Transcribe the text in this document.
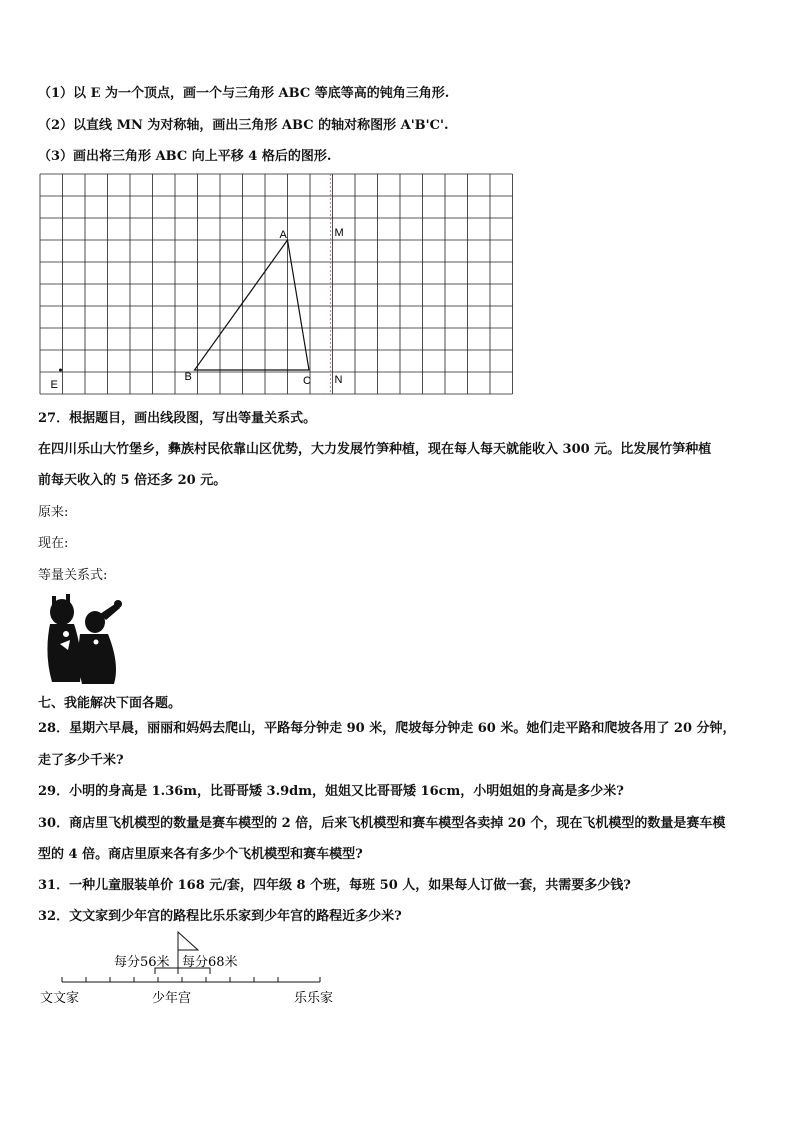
（1）以 E 为一个顶点，画一个与三角形 ABC 等底等高的钝角三角形.
（2）以直线 MN 为对称轴，画出三角形 ABC 的轴对称图形 A'B'C'.
（3）画出将三角形 ABC 向上平移 4 格后的图形.
A
B	C
M
N
E
27．根据题目，画出线段图，写出等量关系式。
在四川乐山大竹堡乡，彝族村民依靠山区优势，大力发展竹笋种植，现在每人每天就能收入 300 元。比发展竹笋种植
前每天收入的 5 倍还多 20 元。
原来:
现在:
等量关系式:
七、我能解决下面各题。
28．星期六早晨，丽丽和妈妈去爬山，平路每分钟走 90 米，爬坡每分钟走 60 米。她们走平路和爬坡各用了 20 分钟，
走了多少千米?
29．小明的身高是 1.36m，比哥哥矮 3.9dm，姐姐又比哥哥矮 16cm，小明姐姐的身高是多少米?
30．商店里飞机模型的数量是赛车模型的 2 倍，后来飞机模型和赛车模型各卖掉 20 个，现在飞机模型的数量是赛车模
型的 4 倍。商店里原来各有多少个飞机模型和赛车模型?
31．一种儿童服装单价 168 元/套，四年级 8 个班，每班 50 人，如果每人订做一套，共需要多少钱?
32．文文家到少年宫的路程比乐乐家到少年宫的路程近多少米?
每分56米 每分68米
文文家	少年宫	乐乐家
